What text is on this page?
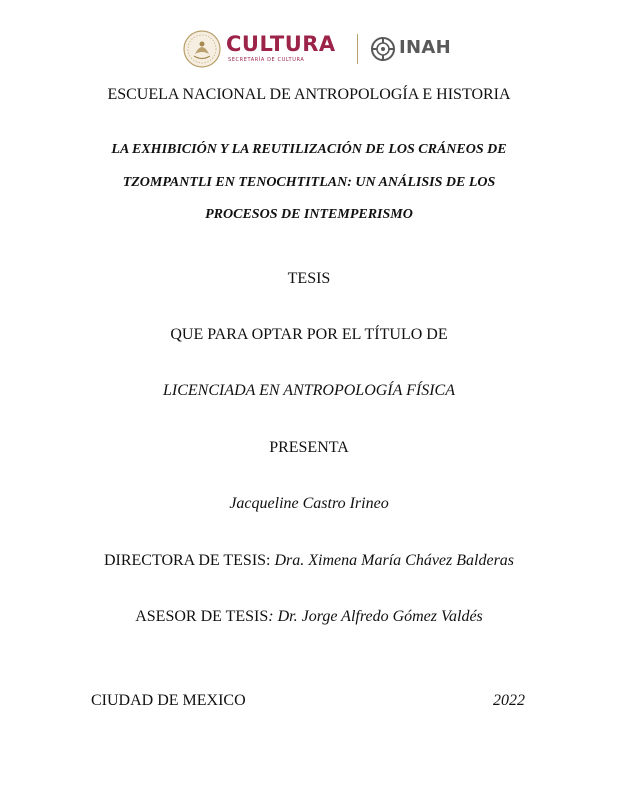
CULTURA
SECRETARÍA DE CULTURA
INAH
ESCUELA NACIONAL DE ANTROPOLOGÍA E HISTORIA
LA EXHIBICIÓN Y LA REUTILIZACIÓN DE LOS CRÁNEOS DE
TZOMPANTLI EN TENOCHTITLAN: UN ANÁLISIS DE LOS
PROCESOS DE INTEMPERISMO
TESIS
QUE PARA OPTAR POR EL TÍTULO DE
LICENCIADA EN ANTROPOLOGÍA FÍSICA
PRESENTA
Jacqueline Castro Irineo
DIRECTORA DE TESIS: Dra. Ximena María Chávez Balderas
ASESOR DE TESIS: Dr. Jorge Alfredo Gómez Valdés
CIUDAD DE MEXICO	2022
